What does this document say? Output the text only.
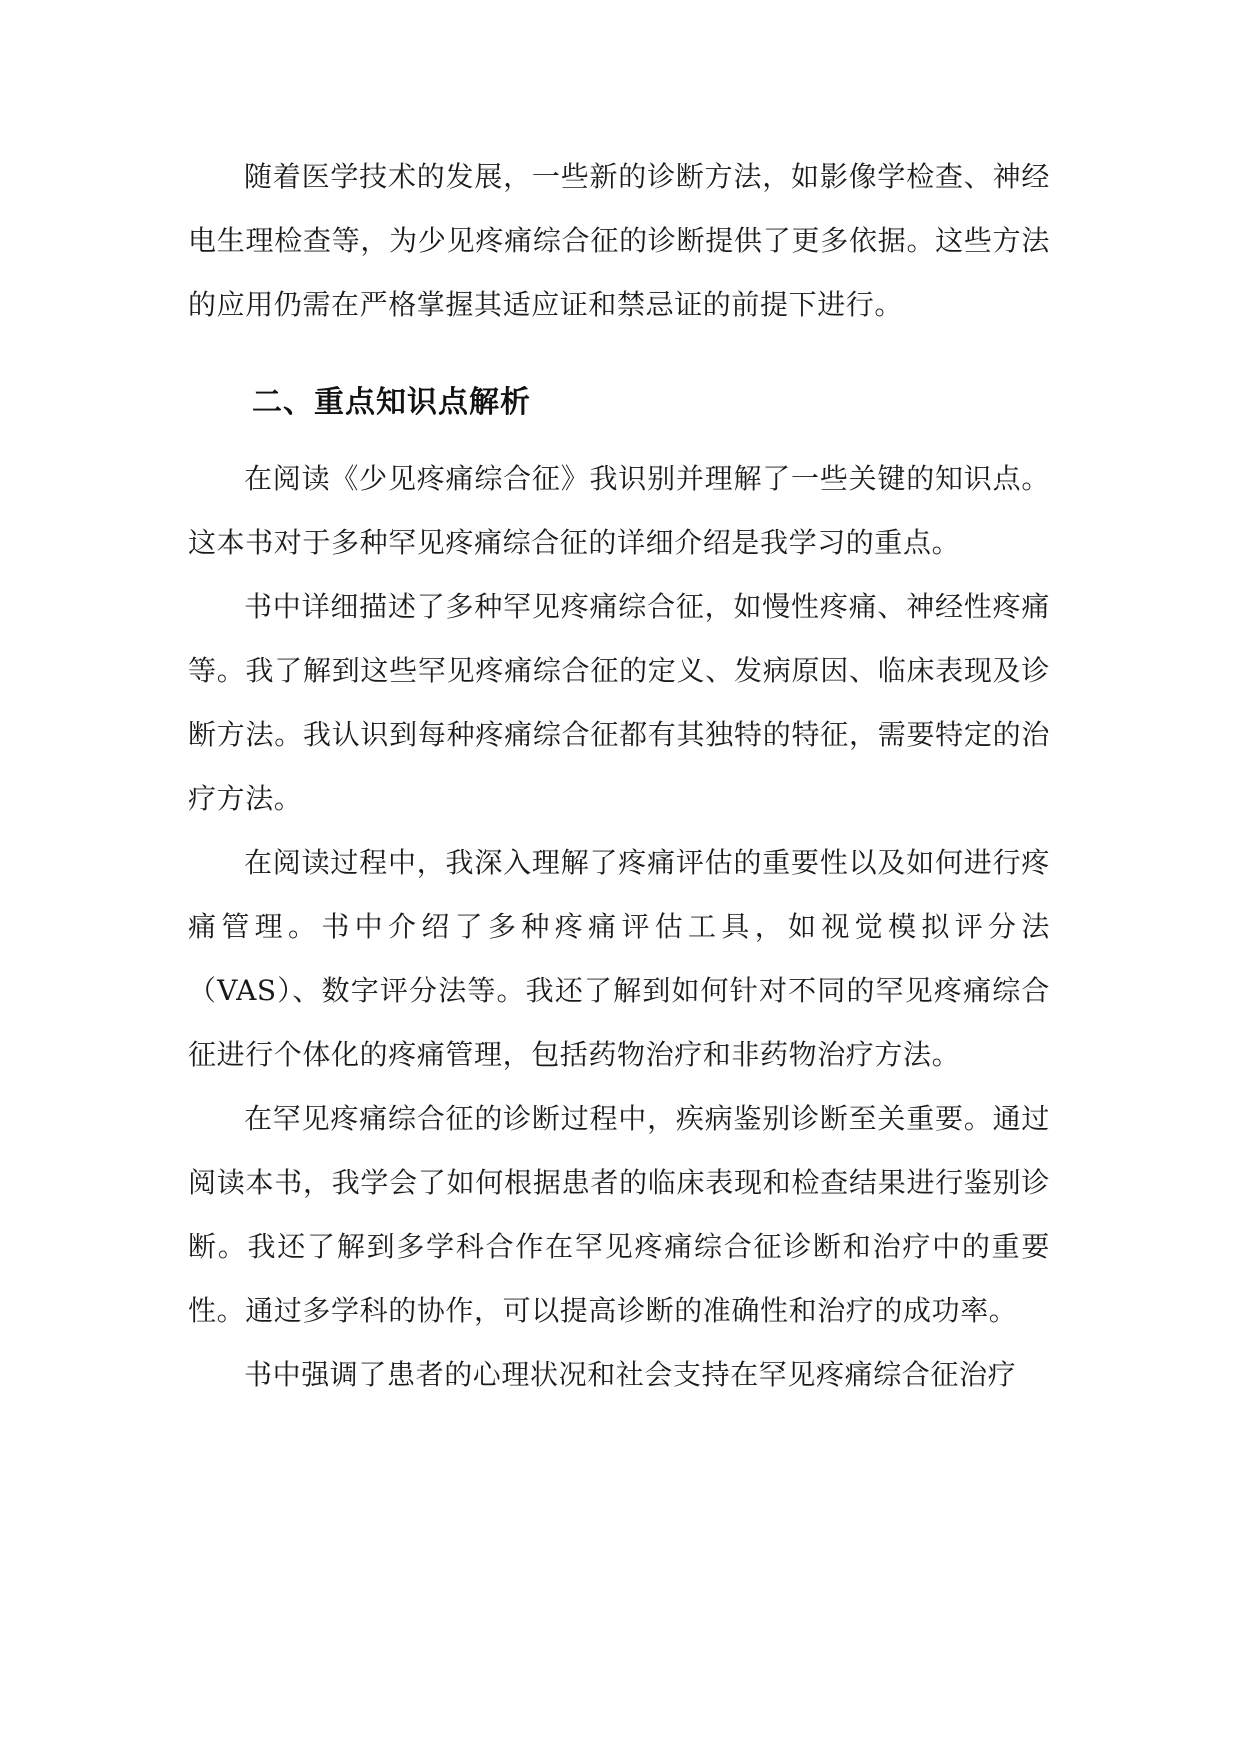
随着医学技术的发展，一些新的诊断方法，如影像学检查、神经电生理检查等，为少见疼痛综合征的诊断提供了更多依据。这些方法的应用仍需在严格掌握其适应证和禁忌证的前提下进行。

二、重点知识点解析

在阅读《少见疼痛综合征》我识别并理解了一些关键的知识点。这本书对于多种罕见疼痛综合征的详细介绍是我学习的重点。

书中详细描述了多种罕见疼痛综合征，如慢性疼痛、神经性疼痛等。我了解到这些罕见疼痛综合征的定义、发病原因、临床表现及诊断方法。我认识到每种疼痛综合征都有其独特的特征，需要特定的治疗方法。

在阅读过程中，我深入理解了疼痛评估的重要性以及如何进行疼痛管理。书中介绍了多种疼痛评估工具，如视觉模拟评分法（VAS）、数字评分法等。我还了解到如何针对不同的罕见疼痛综合征进行个体化的疼痛管理，包括药物治疗和非药物治疗方法。

在罕见疼痛综合征的诊断过程中，疾病鉴别诊断至关重要。通过阅读本书，我学会了如何根据患者的临床表现和检查结果进行鉴别诊断。我还了解到多学科合作在罕见疼痛综合征诊断和治疗中的重要性。通过多学科的协作，可以提高诊断的准确性和治疗的成功率。

书中强调了患者的心理状况和社会支持在罕见疼痛综合征治疗
